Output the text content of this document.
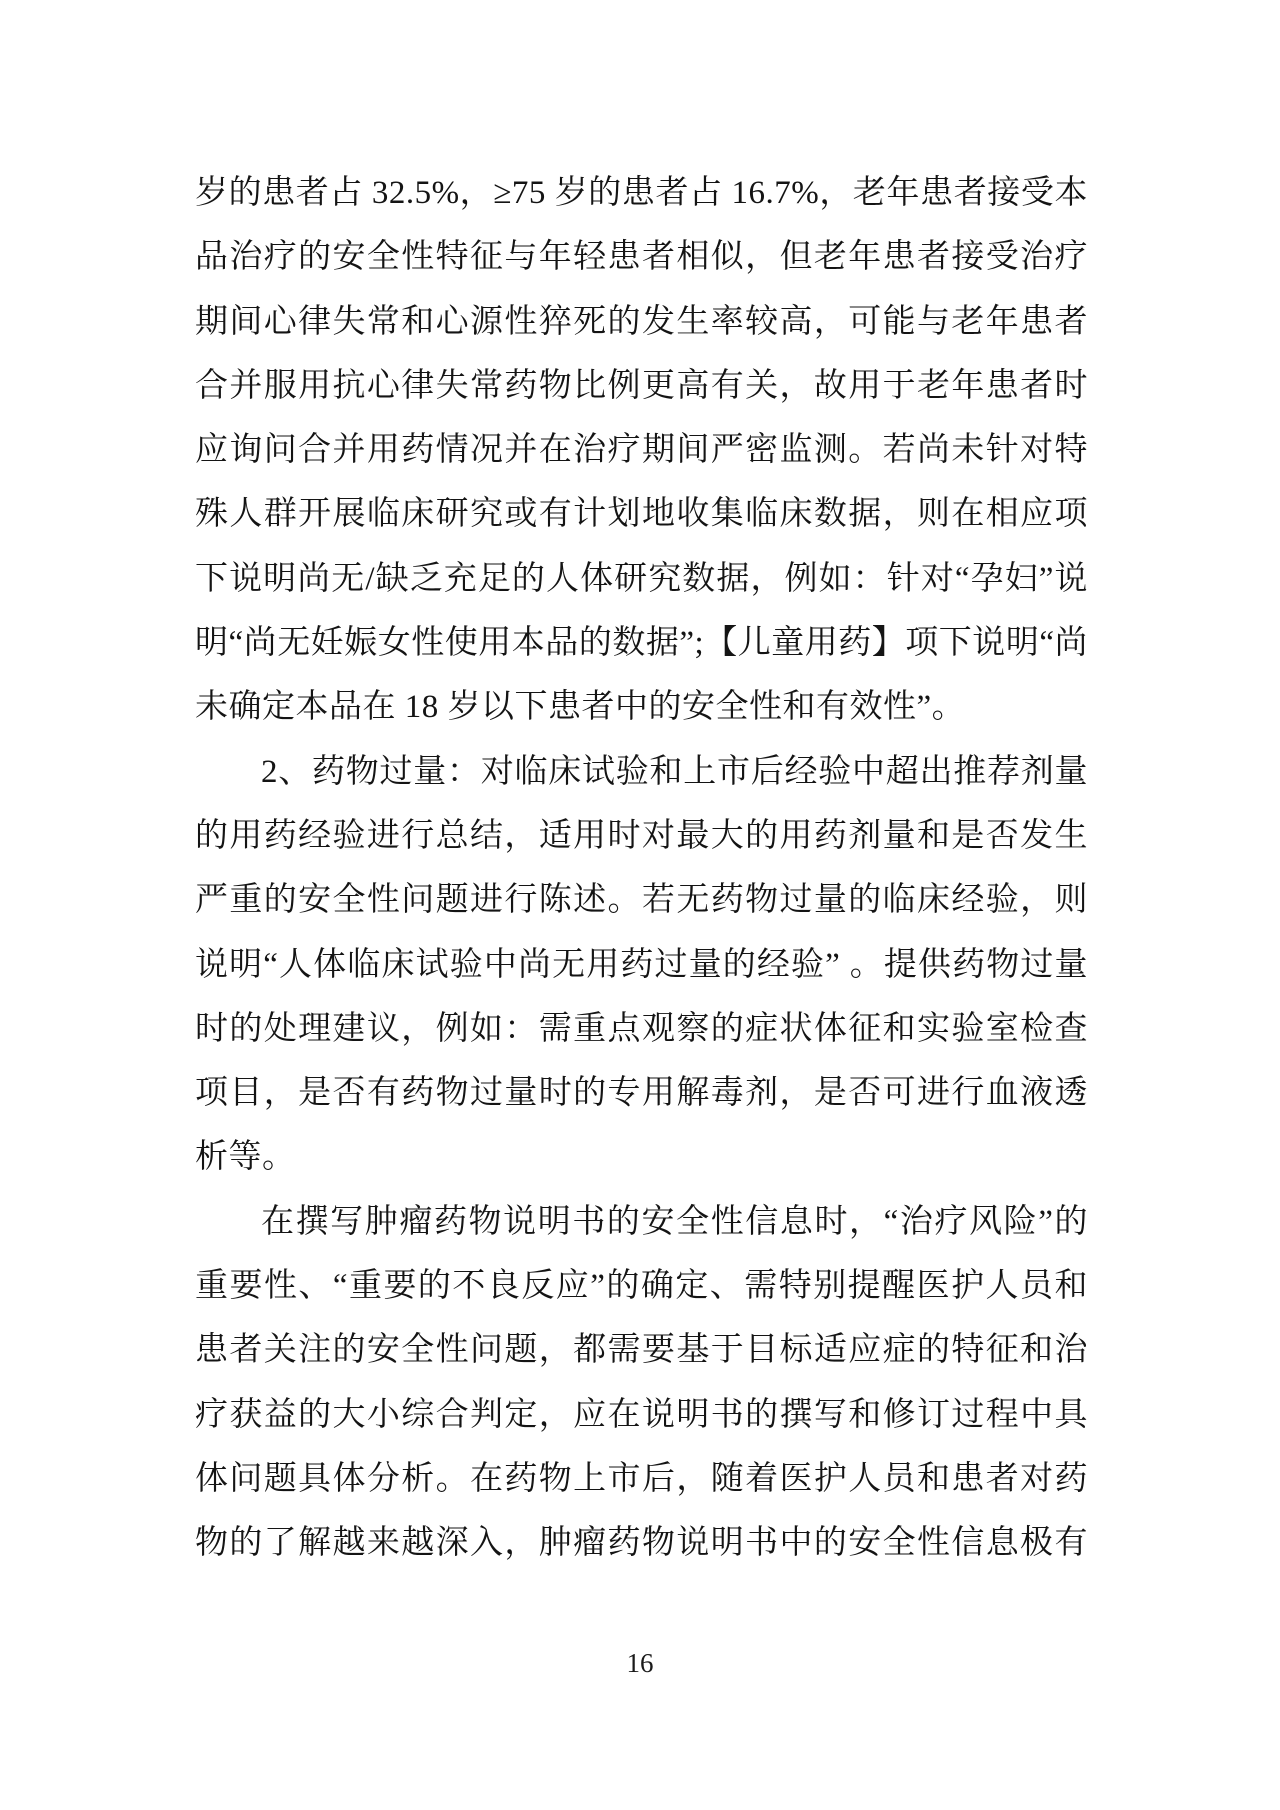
岁的患者占 32.5%，≥75 岁的患者占 16.7%，老年患者接受本
品治疗的安全性特征与年轻患者相似，但老年患者接受治疗
期间心律失常和心源性猝死的发生率较高，可能与老年患者
合并服用抗心律失常药物比例更高有关，故用于老年患者时
应询问合并用药情况并在治疗期间严密监测。若尚未针对特
殊人群开展临床研究或有计划地收集临床数据，则在相应项
下说明尚无/缺乏充足的人体研究数据，例如：针对“孕妇”说
明“尚无妊娠女性使用本品的数据”;【儿童用药】项下说明“尚
未确定本品在 18 岁以下患者中的安全性和有效性”。
2、药物过量：对临床试验和上市后经验中超出推荐剂量
的用药经验进行总结，适用时对最大的用药剂量和是否发生
严重的安全性问题进行陈述。若无药物过量的临床经验，则
说明“人体临床试验中尚无用药过量的经验” 。提供药物过量
时的处理建议，例如：需重点观察的症状体征和实验室检查
项目，是否有药物过量时的专用解毒剂，是否可进行血液透
析等。
在撰写肿瘤药物说明书的安全性信息时，“治疗风险”的
重要性、“重要的不良反应”的确定、需特别提醒医护人员和
患者关注的安全性问题，都需要基于目标适应症的特征和治
疗获益的大小综合判定，应在说明书的撰写和修订过程中具
体问题具体分析。在药物上市后，随着医护人员和患者对药
物的了解越来越深入，肿瘤药物说明书中的安全性信息极有
16
